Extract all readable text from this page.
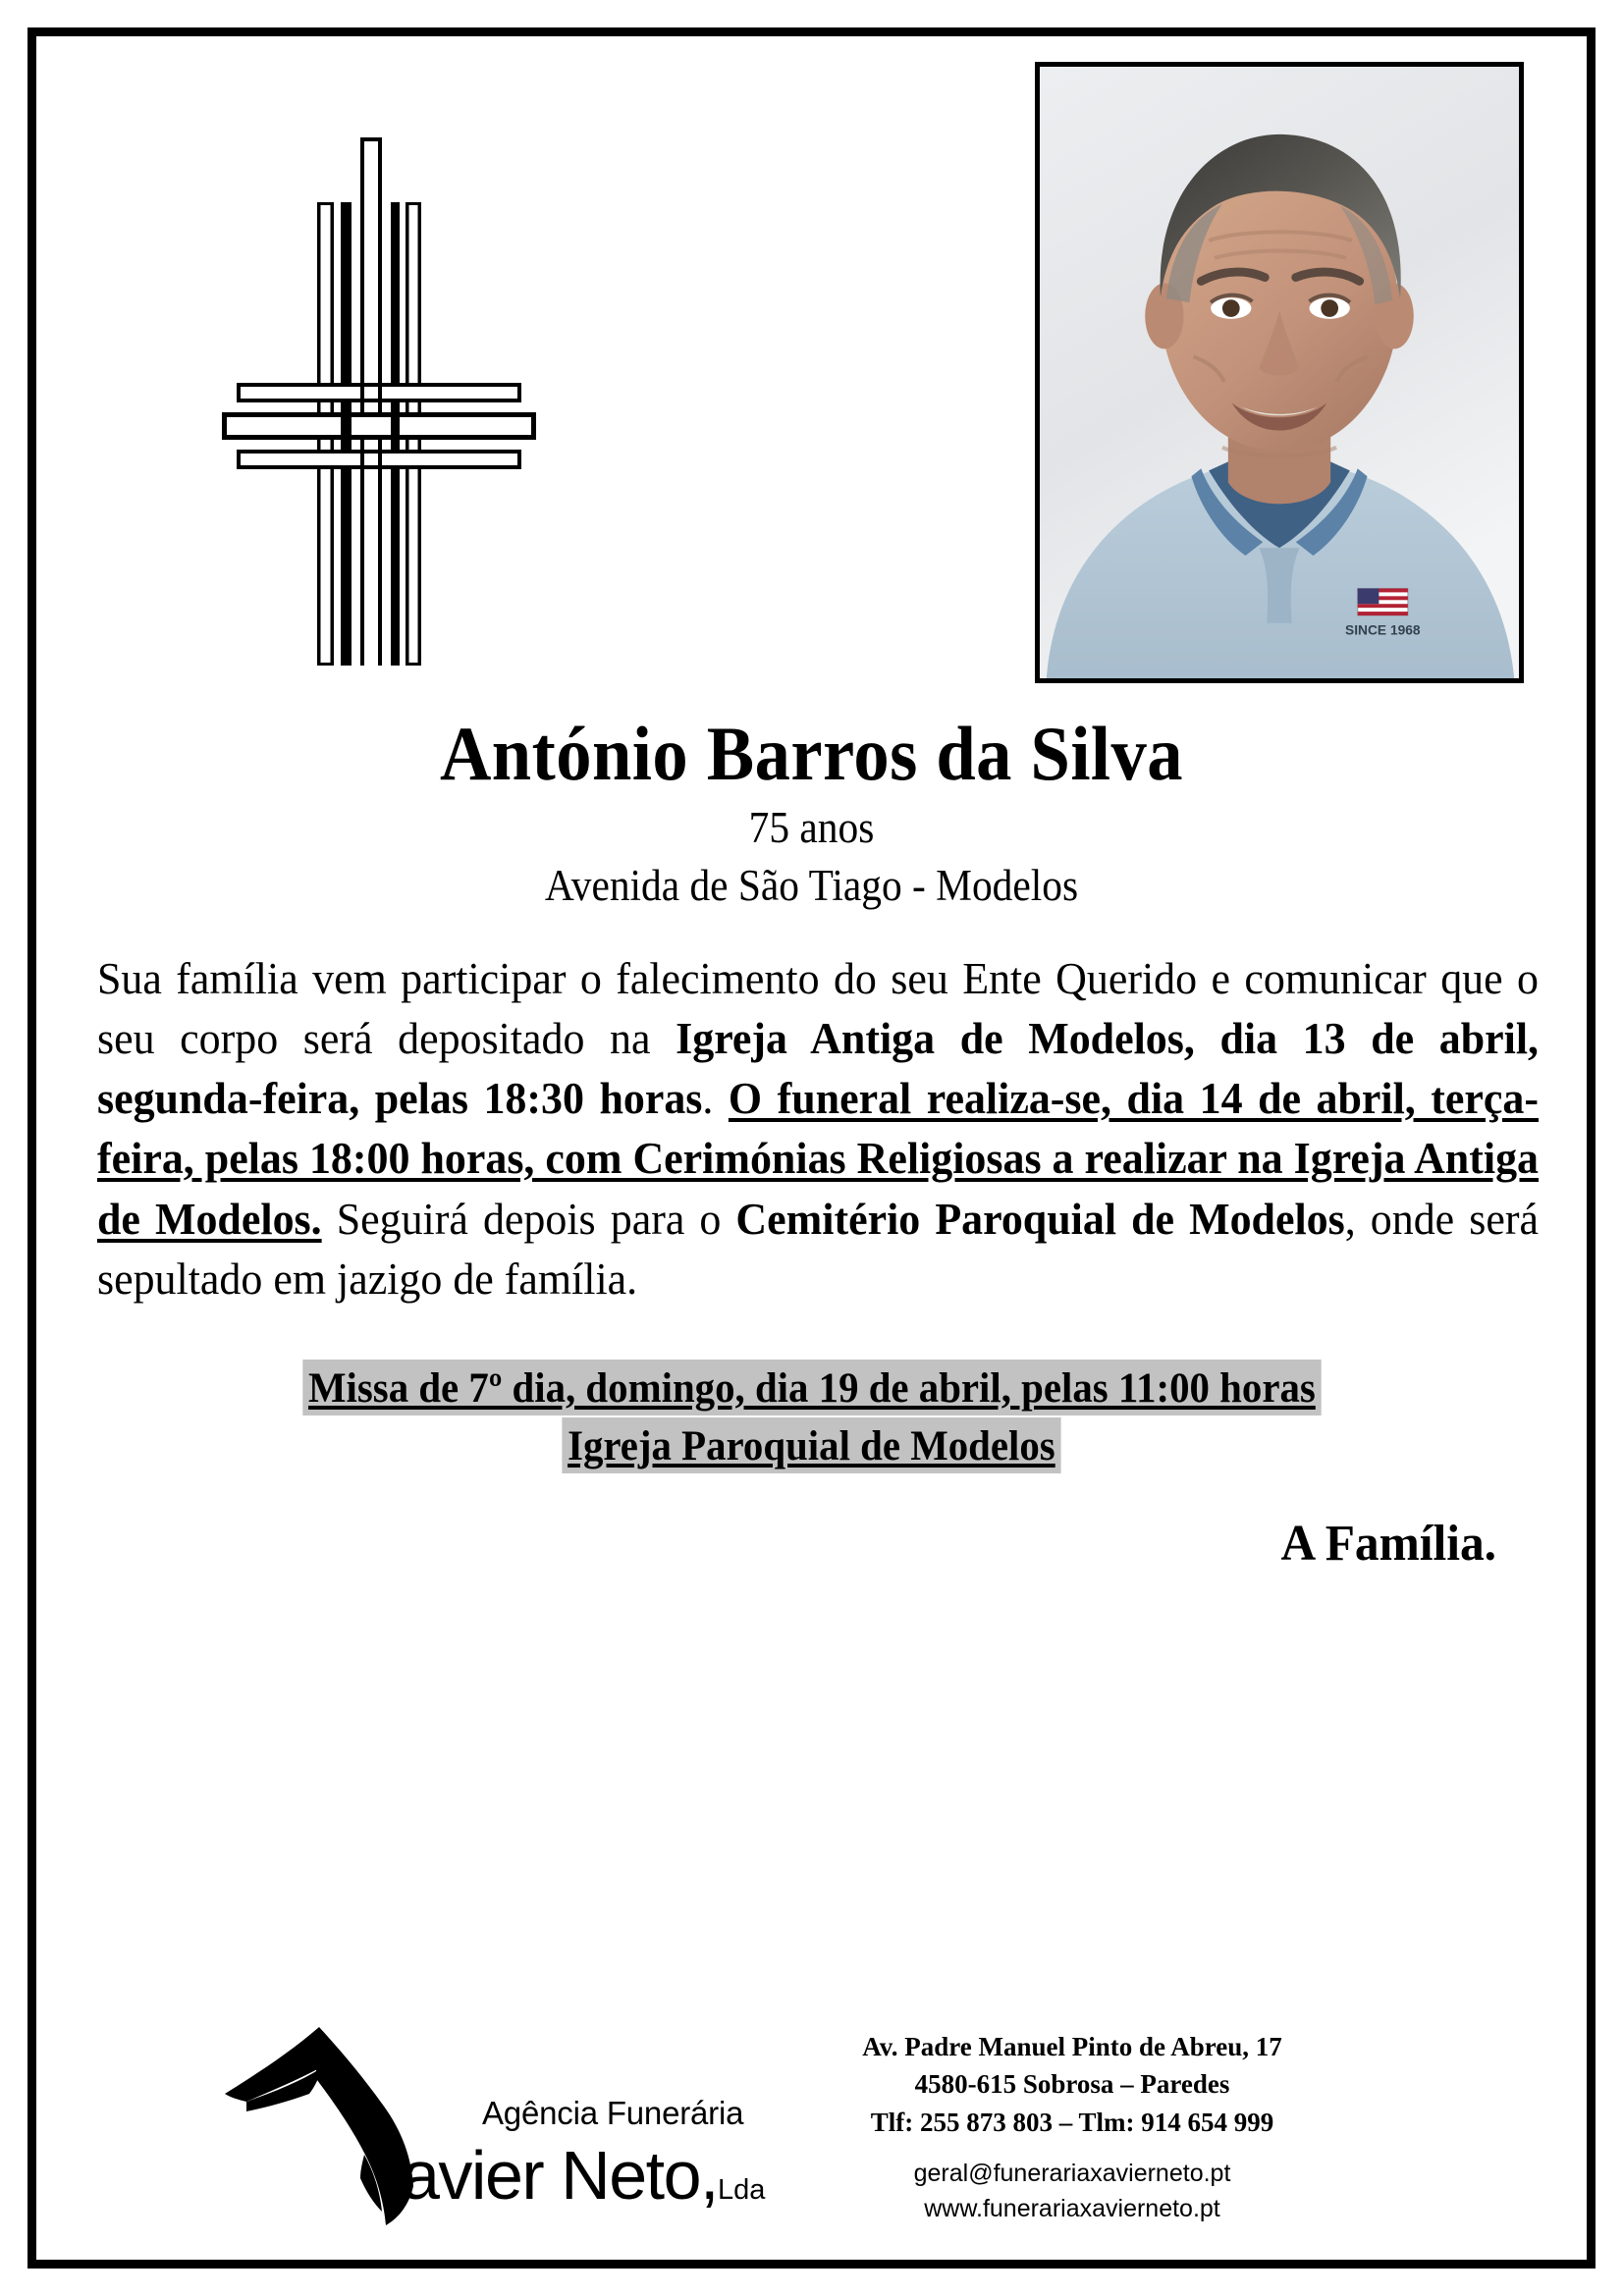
SINCE 1968
António Barros da Silva
75 anos
Avenida de São Tiago - Modelos
Sua família vem participar o falecimento do seu Ente Querido e comunicar que o seu corpo será depositado na Igreja Antiga de Modelos, dia 13 de abril, segunda-feira, pelas 18:30 horas. O funeral realiza-se, dia 14 de abril, terça-feira, pelas 18:00 horas, com Cerimónias Religiosas a realizar na Igreja Antiga de Modelos. Seguirá depois para o Cemitério Paroquial de Modelos, onde será sepultado em jazigo de família.
Missa de 7º dia, domingo, dia 19 de abril, pelas 11:00 horas
Igreja Paroquial de Modelos
A Família.
Agência Funerária
avier Neto,Lda
Av. Padre Manuel Pinto de Abreu, 17
4580-615 Sobrosa – Paredes
Tlf: 255 873 803 – Tlm: 914 654 999
geral@funerariaxavierneto.pt
www.funerariaxavierneto.pt
